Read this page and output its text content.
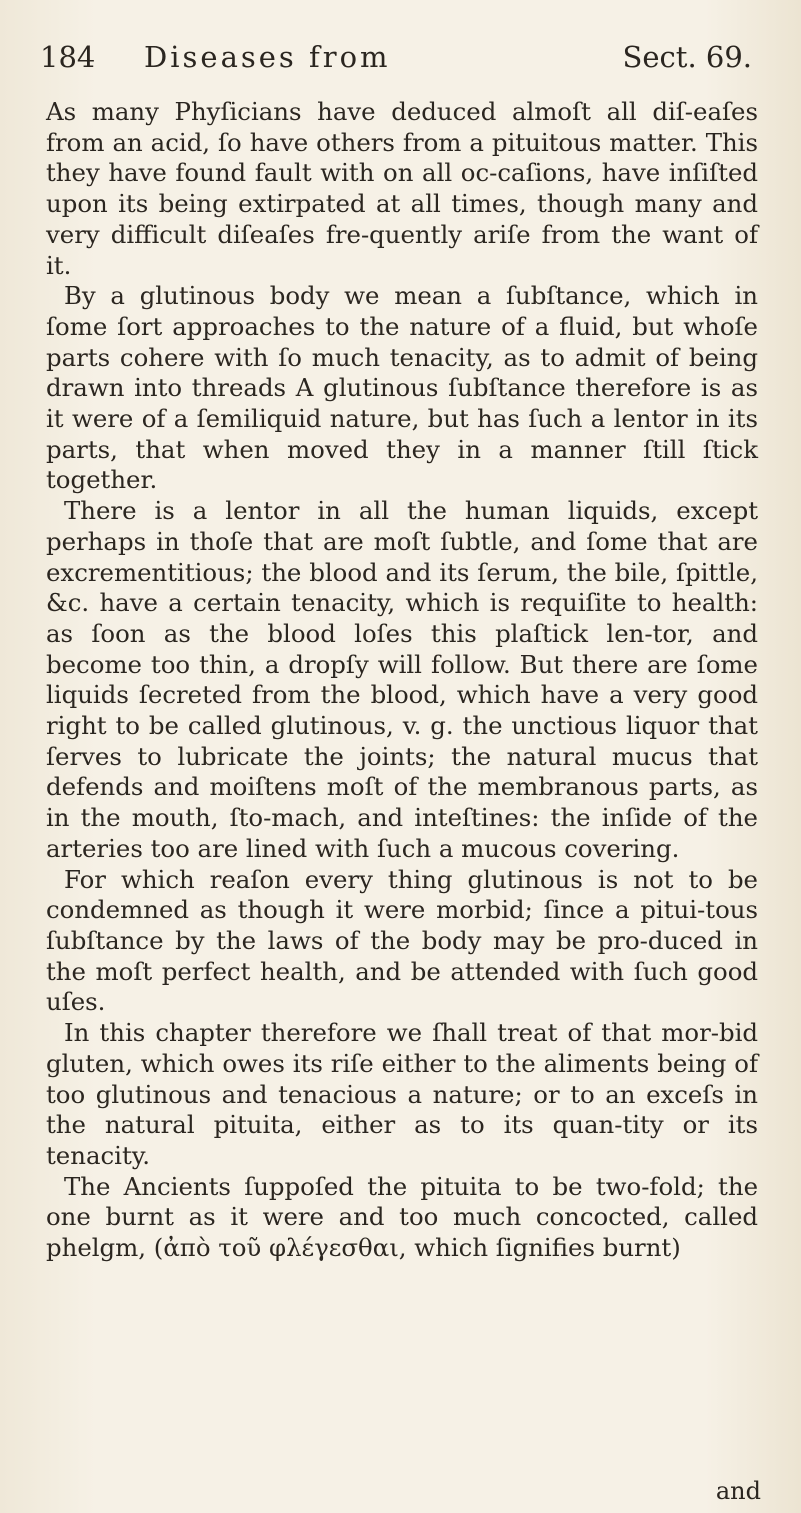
184 Diseases from	Sect. 69.

As many Phyſicians have deduced almoſt all diſ-eaſes from an acid, ſo have others from a pituitous matter. This they have found fault with on all oc-caſions, have inſiſted upon its being extirpated at all times, though many and very difficult diſeaſes fre-quently ariſe from the want of it.

By a glutinous body we mean a ſubſtance, which in ſome ſort approaches to the nature of a fluid, but whoſe parts cohere with ſo much tenacity, as to admit of being drawn into threads A glutinous ſubſtance therefore is as it were of a ſemiliquid nature, but has ſuch a lentor in its parts, that when moved they in a manner ſtill ſtick together.

There is a lentor in all the human liquids, except perhaps in thoſe that are moſt ſubtle, and ſome that are excrementitious; the blood and its ſerum, the bile, ſpittle, &c. have a certain tenacity, which is requiſite to health: as ſoon as the blood loſes this plaſtick len-tor, and become too thin, a dropſy will follow. But there are ſome liquids ſecreted from the blood, which have a very good right to be called glutinous, v. g. the unctious liquor that ſerves to lubricate the joints; the natural mucus that defends and moiſtens moſt of the membranous parts, as in the mouth, ſto-mach, and inteſtines: the inſide of the arteries too are lined with ſuch a mucous covering.

For which reaſon every thing glutinous is not to be condemned as though it were morbid; ſince a pitui-tous ſubſtance by the laws of the body may be pro-duced in the moſt perfect health, and be attended with ſuch good uſes.

In this chapter therefore we ſhall treat of that mor-bid gluten, which owes its riſe either to the aliments being of too glutinous and tenacious a nature; or to an exceſs in the natural pituita, either as to its quan-tity or its tenacity.

The Ancients ſuppoſed the pituita to be two-fold; the one burnt as it were and too much concocted, called phelgm, (ἀπὸ τοῦ φλέγεσθαι, which ſignifies burnt)

and
